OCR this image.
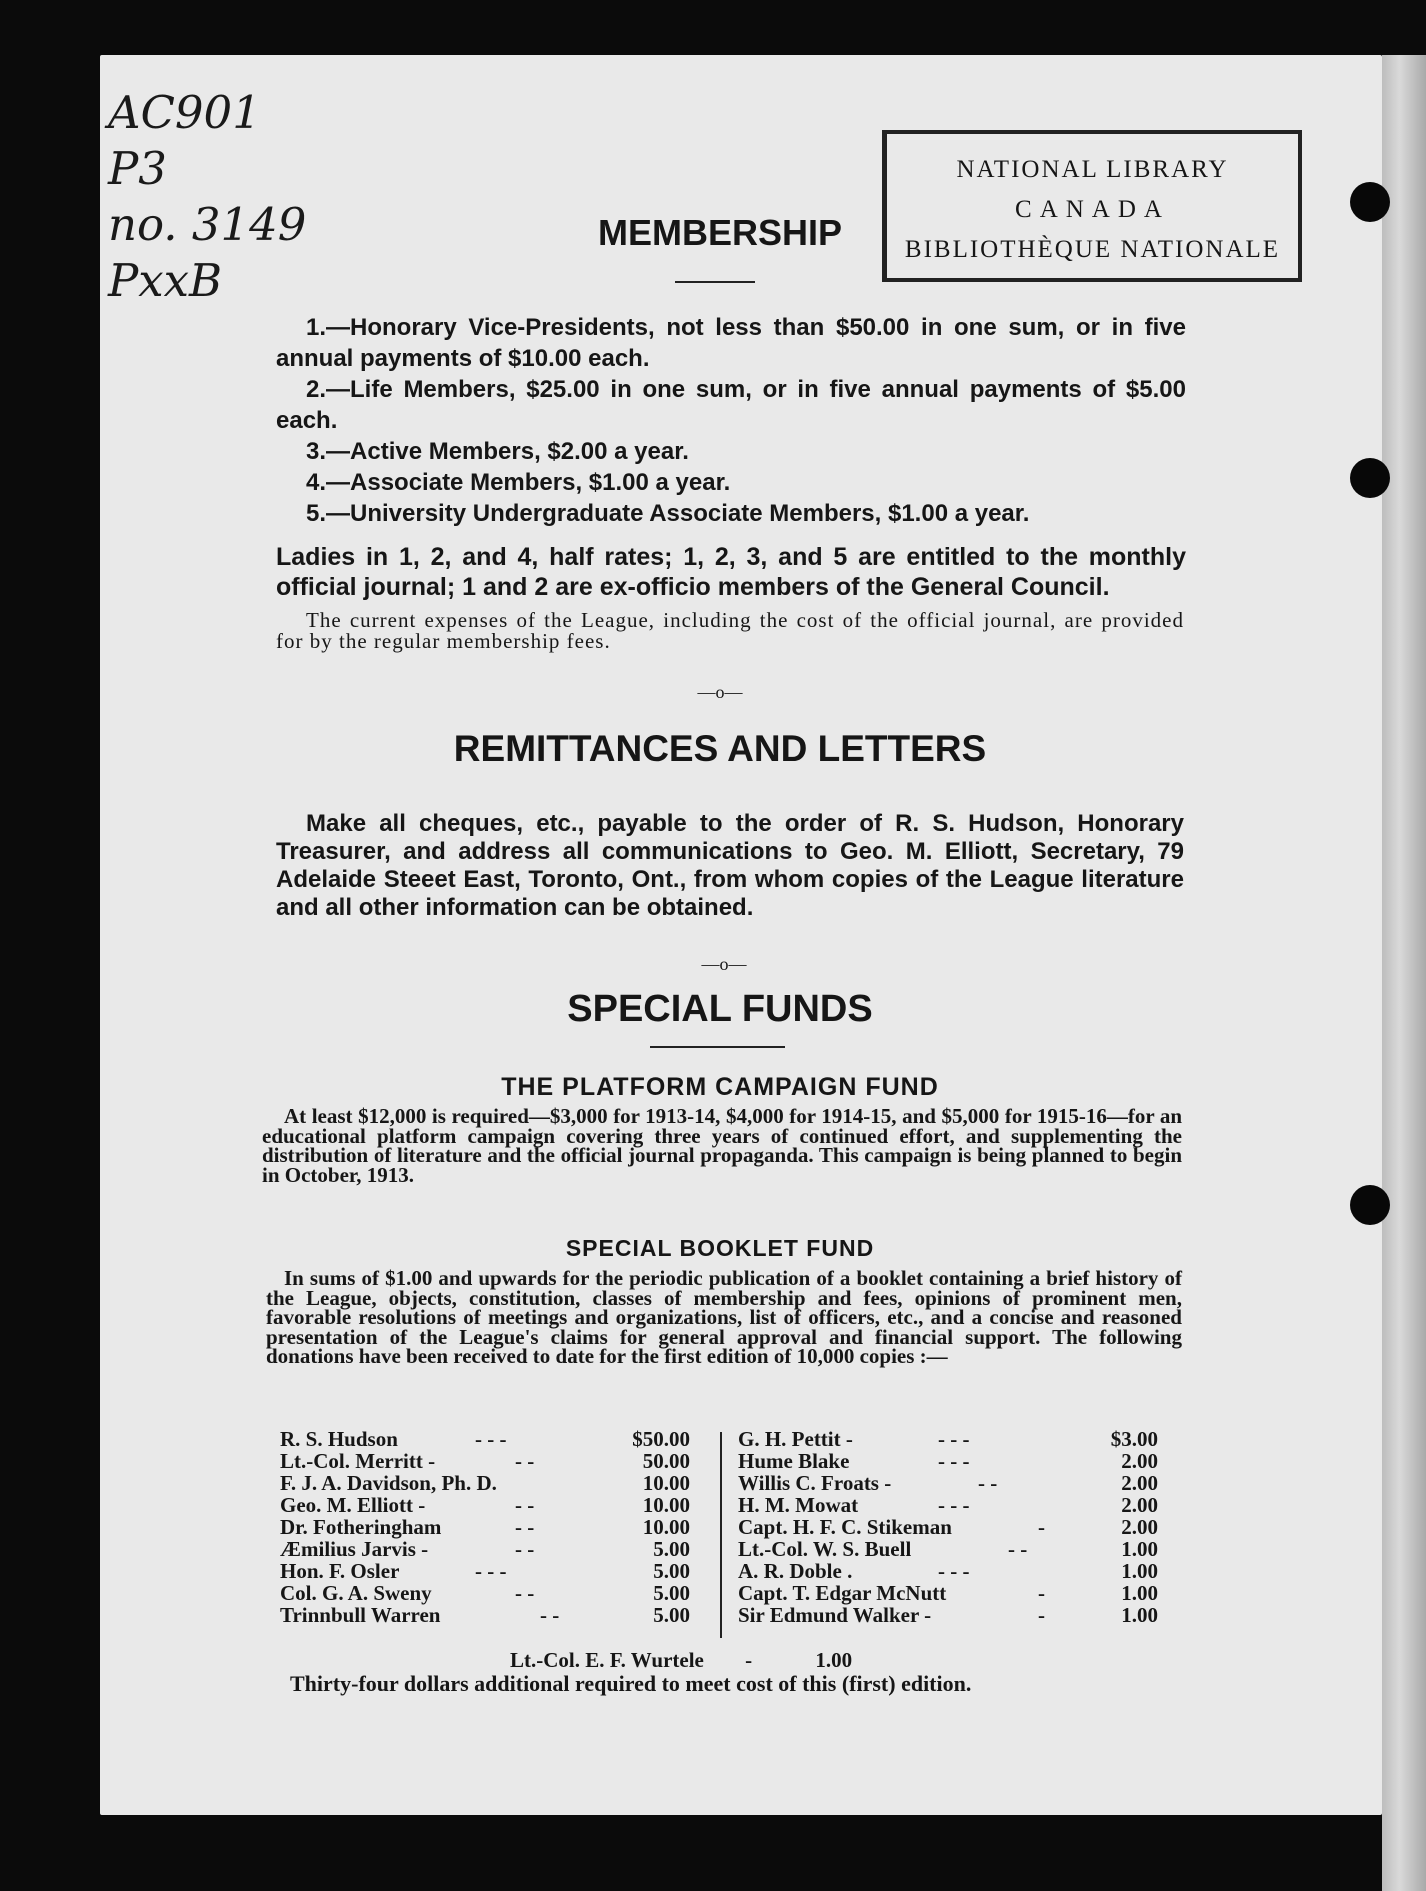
AC901
P3
no. 3149
PxxB
NATIONAL LIBRARY
CANADA
BIBLIOTHÈQUE NATIONALE
MEMBERSHIP

1.—Honorary Vice-Presidents, not less than $50.00 in one sum, or in five annual payments of $10.00 each.

2.—Life Members, $25.00 in one sum, or in five annual payments of $5.00 each.

3.—Active Members, $2.00 a year.

4.—Associate Members, $1.00 a year.

5.—University Undergraduate Associate Members, $1.00 a year.

Ladies in 1, 2, and 4, half rates; 1, 2, 3, and 5 are entitled to the monthly official journal; 1 and 2 are ex-officio members of the General Council.
The current expenses of the League, including the cost of the official journal, are provided for by the regular membership fees.
—o—
REMITTANCES AND LETTERS
Make all cheques, etc., payable to the order of R. S. Hudson, Honorary Treasurer, and address all communications to Geo. M. Elliott, Secretary, 79 Adelaide Steeet East, Toronto, Ont., from whom copies of the League literature and all other information can be obtained.
—o—
SPECIAL FUNDS
THE PLATFORM CAMPAIGN FUND
At least $12,000 is required—$3,000 for 1913-14, $4,000 for 1914-15, and $5,000 for 1915-16—for an educational platform campaign covering three years of continued effort, and supplementing the distribution of literature and the official journal propaganda. This campaign is being planned to begin in October, 1913.
SPECIAL BOOKLET FUND
In sums of $1.00 and upwards for the periodic publication of a booklet containing a brief history of the League, objects, constitution, classes of membership and fees, opinions of prominent men, favorable resolutions of meetings and organizations, list of officers, etc., and a concise and reasoned presentation of the League's claims for general approval and financial support. The following donations have been received to date for the first edition of 10,000 copies :—
R. S. Hudson	- - -	$50.00
Lt.-Col. Merritt -	- -	50.00
F. J. A. Davidson, Ph. D.	10.00
Geo. M. Elliott -	- -	10.00
Dr. Fotheringham	- -	10.00
Æmilius Jarvis -	- -	5.00
Hon. F. Osler	- - -	5.00
Col. G. A. Sweny	- -	5.00
Trinnbull Warren	- -	5.00
G. H. Pettit -	- - -	$3.00
Hume Blake	- - -	2.00
Willis C. Froats -	- -	2.00
H. M. Mowat	- - -	2.00
Capt. H. F. C. Stikeman	-	2.00
Lt.-Col. W. S. Buell	- -	1.00
A. R. Doble .	- - -	1.00
Capt. T. Edgar McNutt	-	1.00
Sir Edmund Walker -	-	1.00
Lt.-Col. E. F. Wurtele -	1.00
Thirty-four dollars additional required to meet cost of this (first) edition.
